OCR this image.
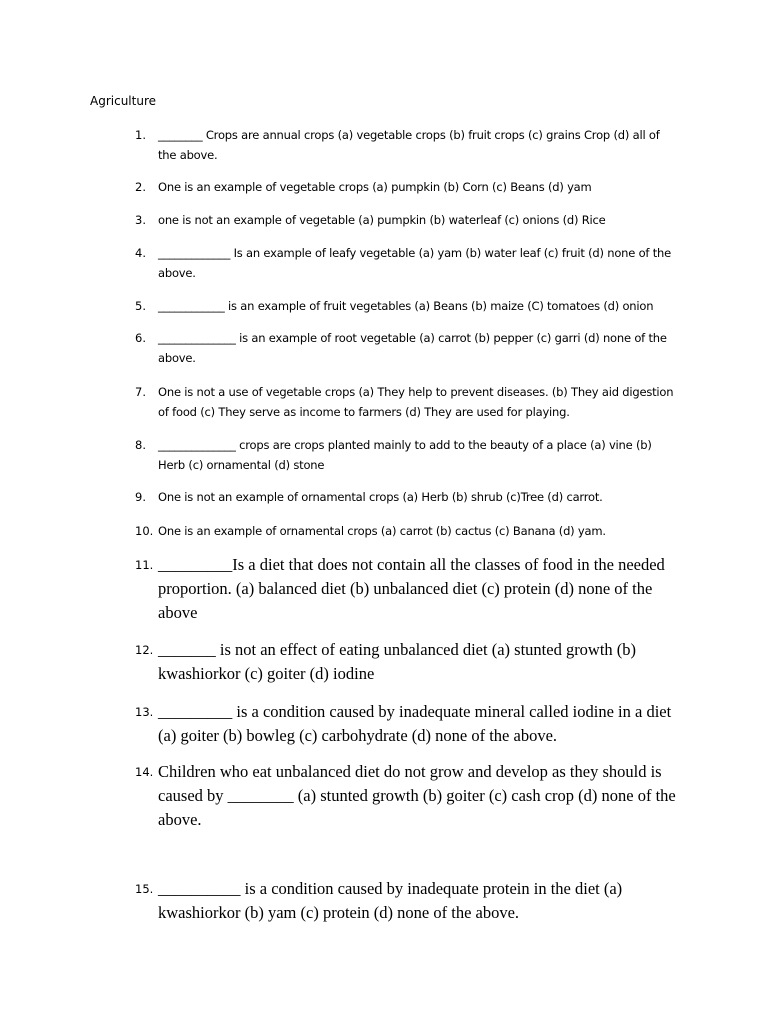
Agriculture
1. ________ Crops are annual crops (a) vegetable crops (b) fruit crops (c) grains Crop (d) all of the above.

2. One is an example of vegetable crops (a) pumpkin (b) Corn (c) Beans (d) yam

3. one is not an example of vegetable (a) pumpkin (b) waterleaf (c) onions (d) Rice

4. _____________ Is an example of leafy vegetable (a) yam (b) water leaf (c) fruit (d) none of the above.

5. ____________ is an example of fruit vegetables (a) Beans (b) maize (C) tomatoes (d) onion

6. ______________ is an example of root vegetable (a) carrot (b) pepper (c) garri (d) none of the above.

7. One is not a use of vegetable crops (a) They help to prevent diseases. (b) They aid digestion of food (c) They serve as income to farmers (d) They are used for playing.

8. ______________ crops are crops planted mainly to add to the beauty of a place (a) vine (b) Herb (c) ornamental (d) stone

9. One is not an example of ornamental crops (a) Herb (b) shrub (c)Tree (d) carrot.

10. One is an example of ornamental crops (a) carrot (b) cactus (c) Banana (d) yam.

11. _________Is a diet that does not contain all the classes of food in the needed proportion. (a) balanced diet (b) unbalanced diet (c) protein (d) none of the above

12. _______ is not an effect of eating unbalanced diet (a) stunted growth (b) kwashiorkor (c) goiter (d) iodine

13. _________ is a condition caused by inadequate mineral called iodine in a diet (a) goiter (b) bowleg (c) carbohydrate (d) none of the above.

14. Children who eat unbalanced diet do not grow and develop as they should is caused by ________ (a) stunted growth (b) goiter (c) cash crop (d) none of the above.

15. __________ is a condition caused by inadequate protein in the diet (a) kwashiorkor (b) yam (c) protein (d) none of the above.
